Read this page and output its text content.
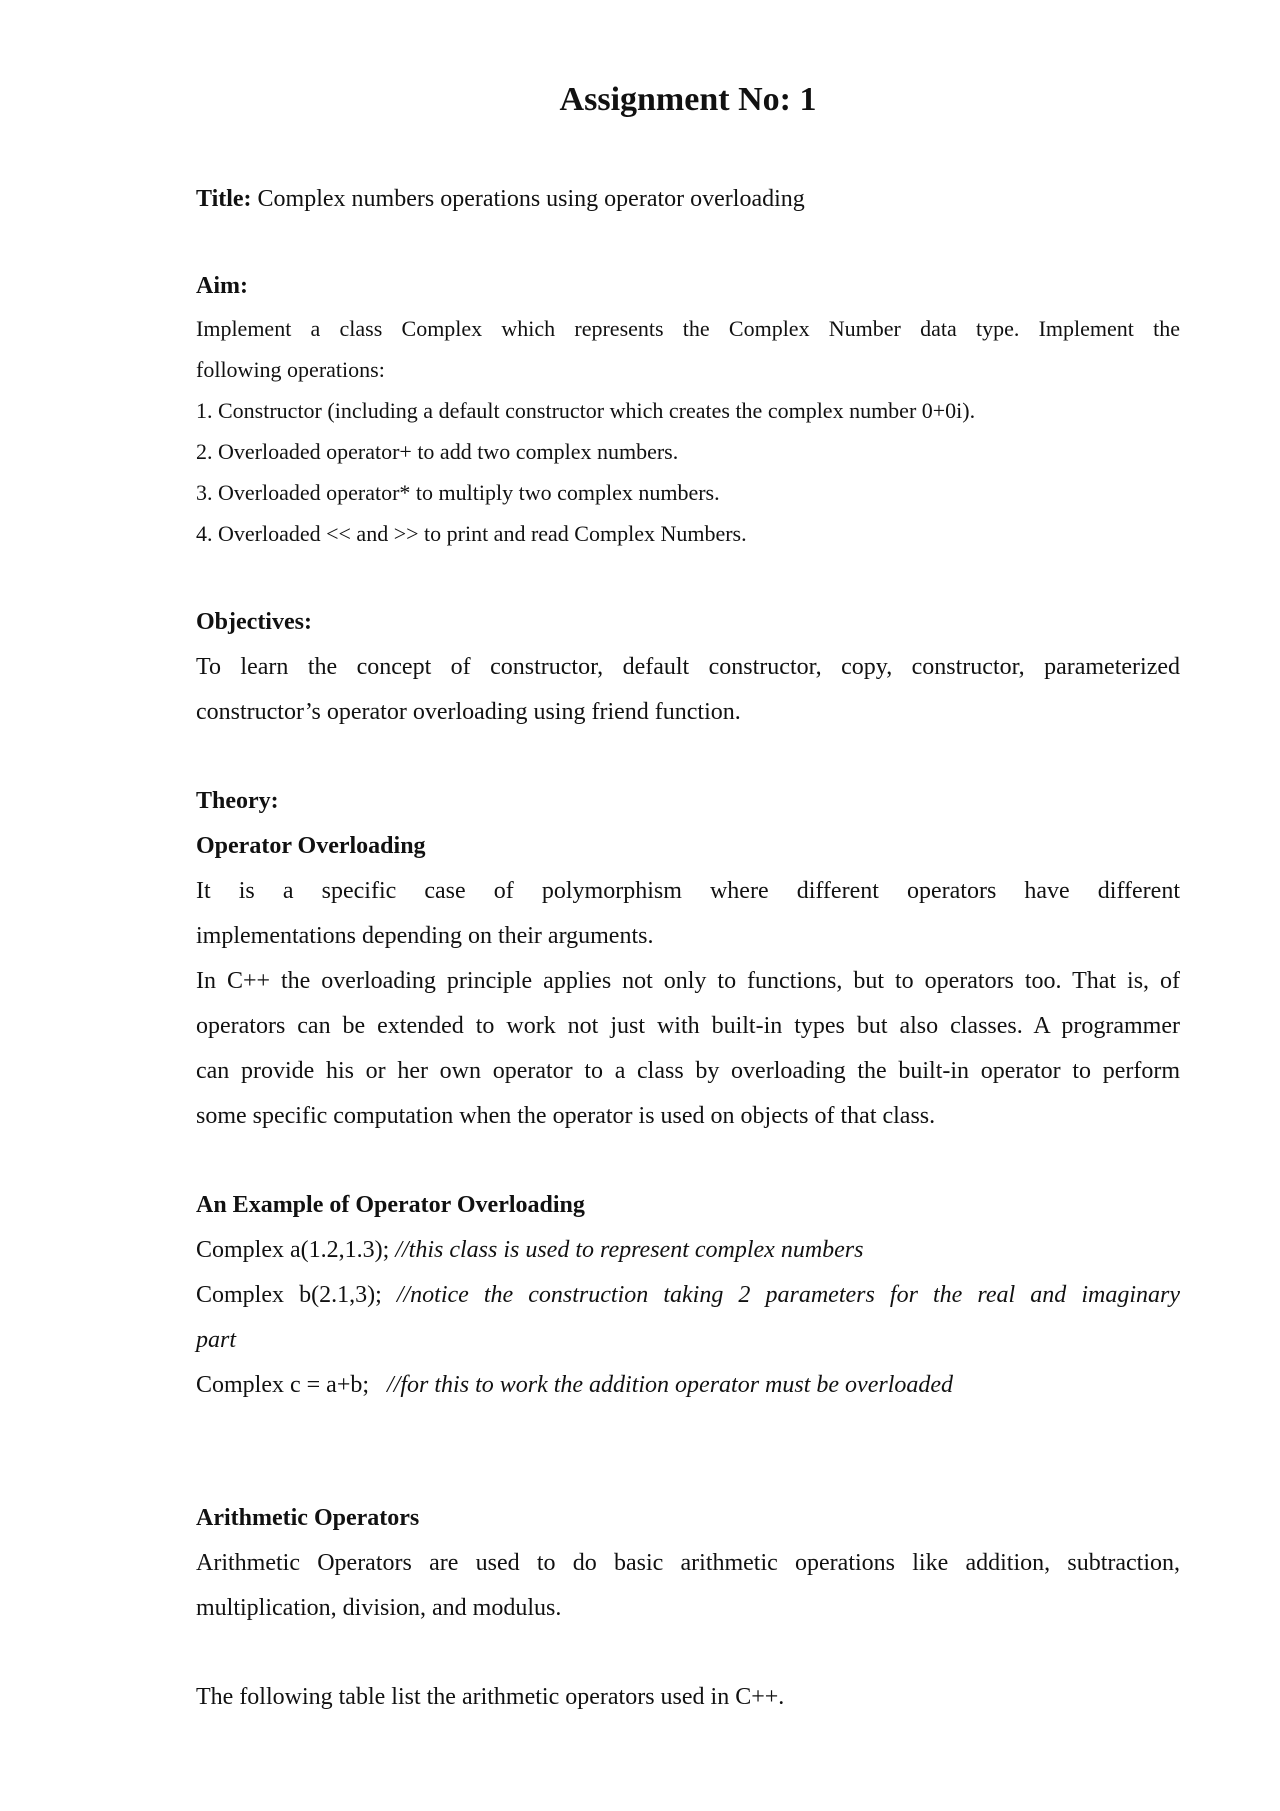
Assignment No: 1

Title: Complex numbers operations using operator overloading

Aim:

Implement a class Complex which represents the Complex Number data type. Implement the
following operations:
1. Constructor (including a default constructor which creates the complex number 0+0i).
2. Overloaded operator+ to add two complex numbers.
3. Overloaded operator* to multiply two complex numbers.
4. Overloaded << and >> to print and read Complex Numbers.

Objectives:

To learn the concept of constructor, default constructor, copy, constructor, parameterized
constructor’s operator overloading using friend function.

Theory:

Operator Overloading

It is a specific case of polymorphism where different operators have different
implementations depending on their arguments.
In C++ the overloading principle applies not only to functions, but to operators too. That is, of
operators can be extended to work not just with built-in types but also classes. A programmer
can provide his or her own operator to a class by overloading the built-in operator to perform
some specific computation when the operator is used on objects of that class.

An Example of Operator Overloading

Complex a(1.2,1.3); //this class is used to represent complex numbers
Complex b(2.1,3); //notice the construction taking 2 parameters for the real and imaginary
part
Complex c = a+b;   //for this to work the addition operator must be overloaded

Arithmetic Operators

Arithmetic Operators are used to do basic arithmetic operations like addition, subtraction,
multiplication, division, and modulus.

The following table list the arithmetic operators used in C++.
